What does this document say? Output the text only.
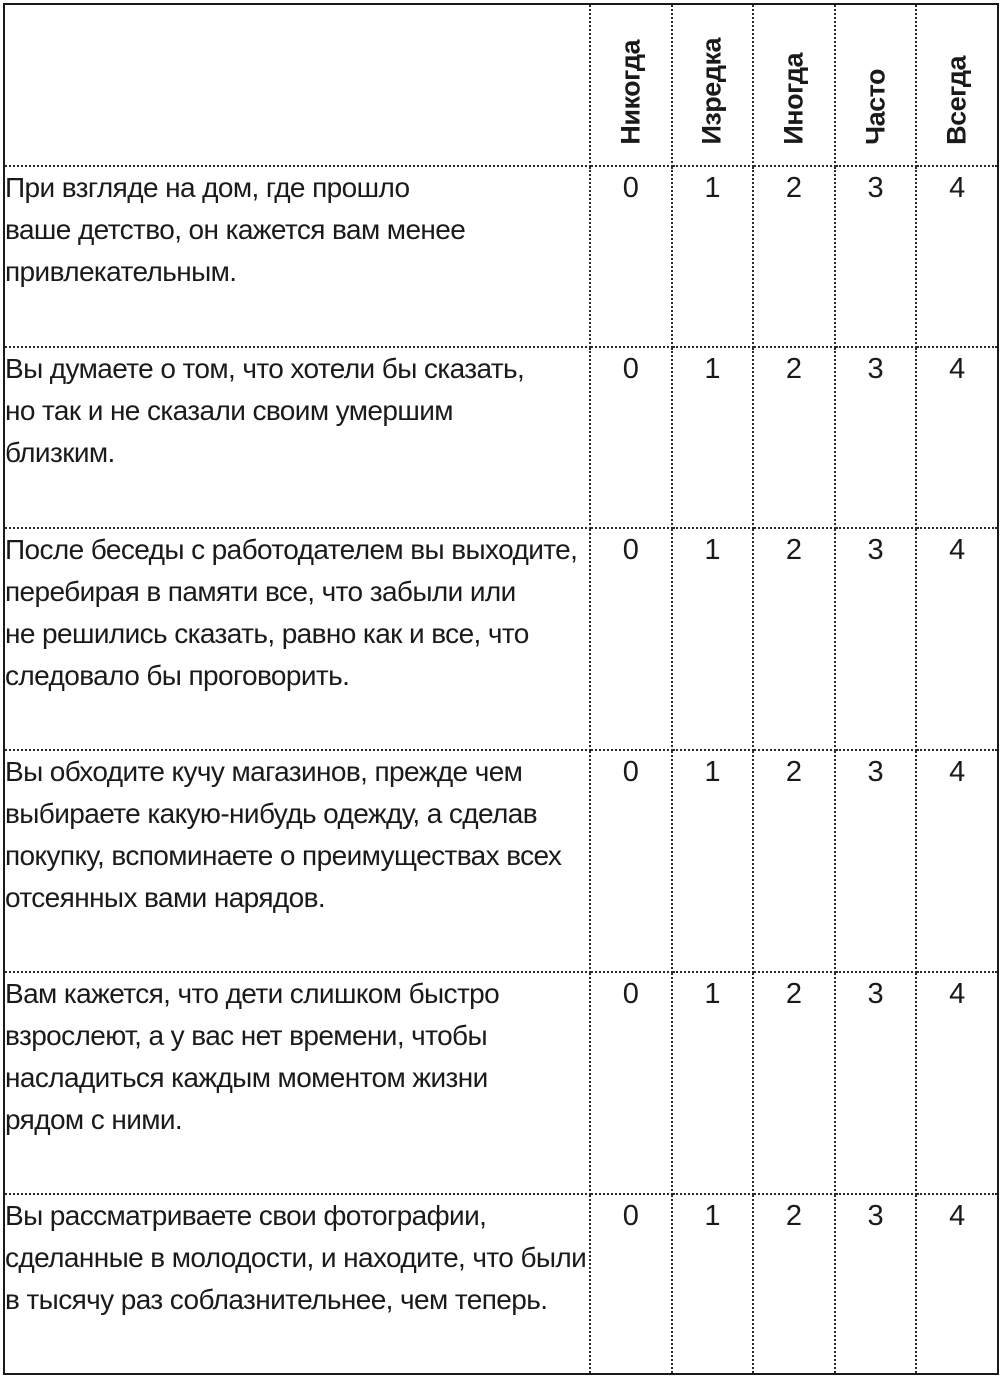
	Никогда	Изредка	Иногда	Часто	Всегда

При взгляде на дом, где прошло
ваше детство, он кажется вам менее
привлекательным.	0	1	2	3	4

Вы думаете о том, что хотели бы сказать,
но так и не сказали своим умершим
близким.	0	1	2	3	4

После беседы с работодателем вы выходите,
перебирая в памяти все, что забыли или
не решились сказать, равно как и все, что
следовало бы проговорить.	0	1	2	3	4

Вы обходите кучу магазинов, прежде чем
выбираете какую-нибудь одежду, а сделав
покупку, вспоминаете о преимуществах всех
отсеянных вами нарядов.	0	1	2	3	4

Вам кажется, что дети слишком быстро
взрослеют, а у вас нет времени, чтобы
насладиться каждым моментом жизни
рядом с ними.	0	1	2	3	4

Вы рассматриваете свои фотографии,
сделанные в молодости, и находите, что были
в тысячу раз соблазнительнее, чем теперь.	0	1	2	3	4
